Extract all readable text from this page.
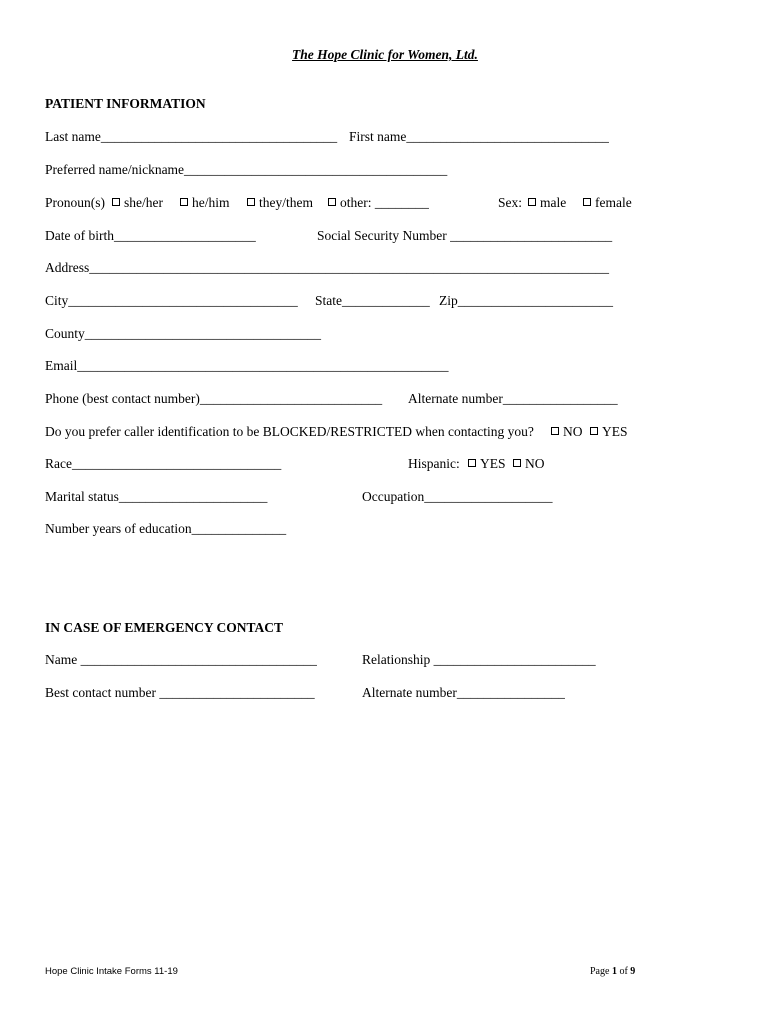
The Hope Clinic for Women, Ltd.
PATIENT INFORMATION
Last name___________________________________ First name______________________________
Preferred name/nickname_______________________________________
Pronoun(s) she/her he/him they/them other: ________	Sex: male female
Date of birth_____________________	Social Security Number ________________________
Address_____________________________________________________________________________
City__________________________________ State_____________ Zip_______________________
County___________________________________
Email_______________________________________________________
Phone (best contact number)___________________________ Alternate number_________________
Do you prefer caller identification to be BLOCKED/RESTRICTED when contacting you? NO YES
Race_______________________________	Hispanic: YES NO
Marital status______________________	Occupation___________________
Number years of education______________
IN CASE OF EMERGENCY CONTACT
Name ___________________________________	Relationship ________________________
Best contact number _______________________	Alternate number________________
Hope Clinic Intake Forms 11-19	Page 1 of 9
